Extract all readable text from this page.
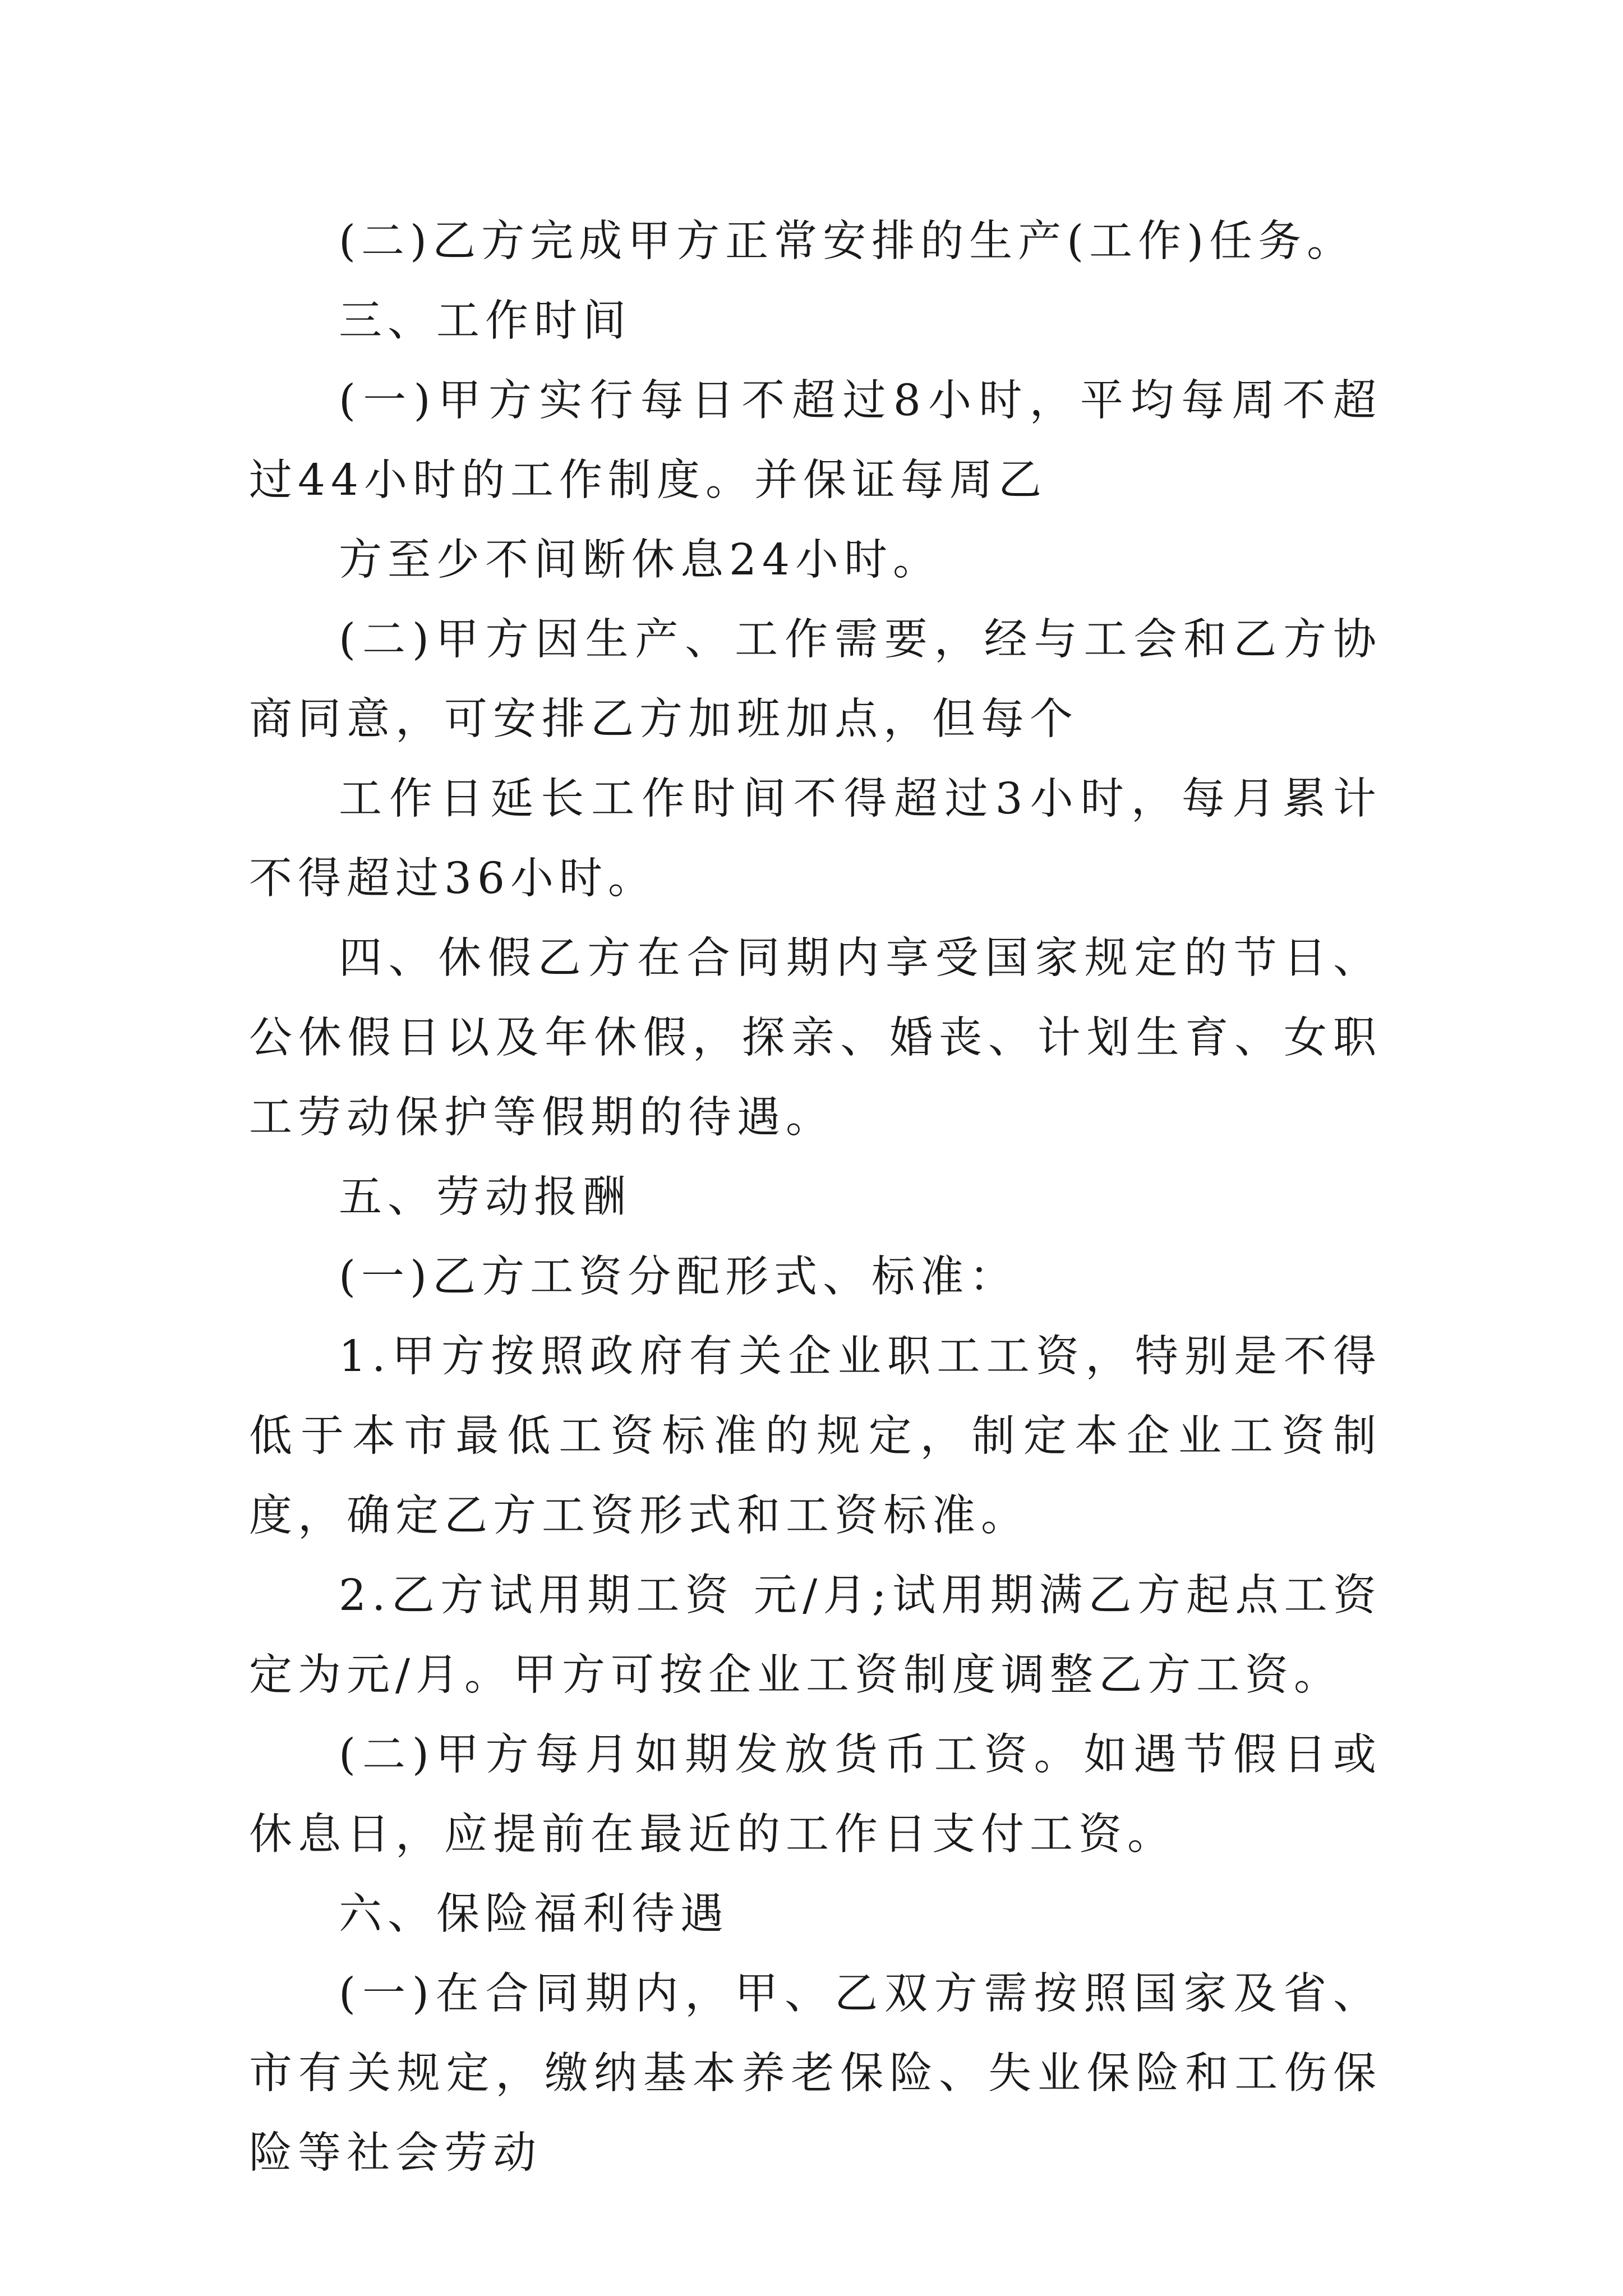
(二)乙方完成甲方正常安排的生产(工作)任务。

三、工作时间

(一)甲方实行每日不超过8小时，平均每周不超过44小时的工作制度。并保证每周乙

方至少不间断休息24小时。

(二)甲方因生产、工作需要，经与工会和乙方协商同意，可安排乙方加班加点，但每个

工作日延长工作时间不得超过3小时，每月累计不得超过36小时。

四、休假乙方在合同期内享受国家规定的节日、公休假日以及年休假，探亲、婚丧、计划生育、女职工劳动保护等假期的待遇。

五、劳动报酬

(一)乙方工资分配形式、标准：

1.甲方按照政府有关企业职工工资，特别是不得低于本市最低工资标准的规定，制定本企业工资制度，确定乙方工资形式和工资标准。

2.乙方试用期工资 元/月;试用期满乙方起点工资定为元/月。甲方可按企业工资制度调整乙方工资。

(二)甲方每月如期发放货币工资。如遇节假日或休息日，应提前在最近的工作日支付工资。

六、保险福利待遇

(一)在合同期内，甲、乙双方需按照国家及省、市有关规定，缴纳基本养老保险、失业保险和工伤保险等社会劳动
